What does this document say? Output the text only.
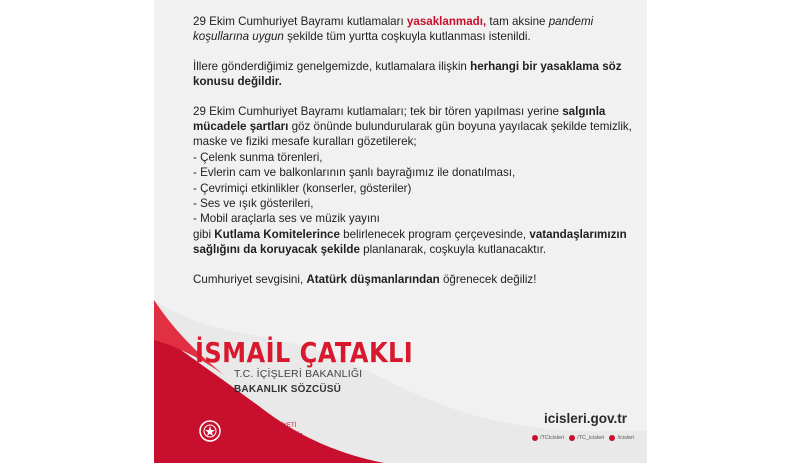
29 Ekim Cumhuriyet Bayramı kutlamaları yasaklanmadı, tam aksine pandemi koşullarına uygun şekilde tüm yurtta coşkuyla kutlanması istenildi.

İllere gönderdiğimiz genelgemizde, kutlamalara ilişkin herhangi bir yasaklama söz konusu değildir.

29 Ekim Cumhuriyet Bayramı kutlamaları; tek bir tören yapılması yerine salgınla mücadele şartları göz önünde bulundurularak gün boyuna yayılacak şekilde temizlik, maske ve fiziki mesafe kuralları gözetilerek;
- Çelenk sunma törenleri,
- Evlerin cam ve balkonlarının şanlı bayrağımız ile donatılması,
- Çevrimiçi etkinlikler (konserler, gösteriler)
- Ses ve ışık gösterileri,
- Mobil araçlarla ses ve müzik yayını
gibi Kutlama Komitelerince belirlenecek program çerçevesinde, vatandaşlarımızın sağlığını da koruyacak şekilde planlanarak, coşkuyla kutlanacaktır.

Cumhuriyet sevgisini, Atatürk düşmanlarından öğrenecek değiliz!

İSMAİL ÇATAKLI
T.C. İÇİŞLERİ BAKANLIĞI
BAKANLIK SÖZCÜSÜ
TÜRKİYE CUMHURİYETİ
İÇİŞLERİ BAKANLIĞI
icisleri.gov.tr
/TCicisleri /TC_icisleri /icisleri
